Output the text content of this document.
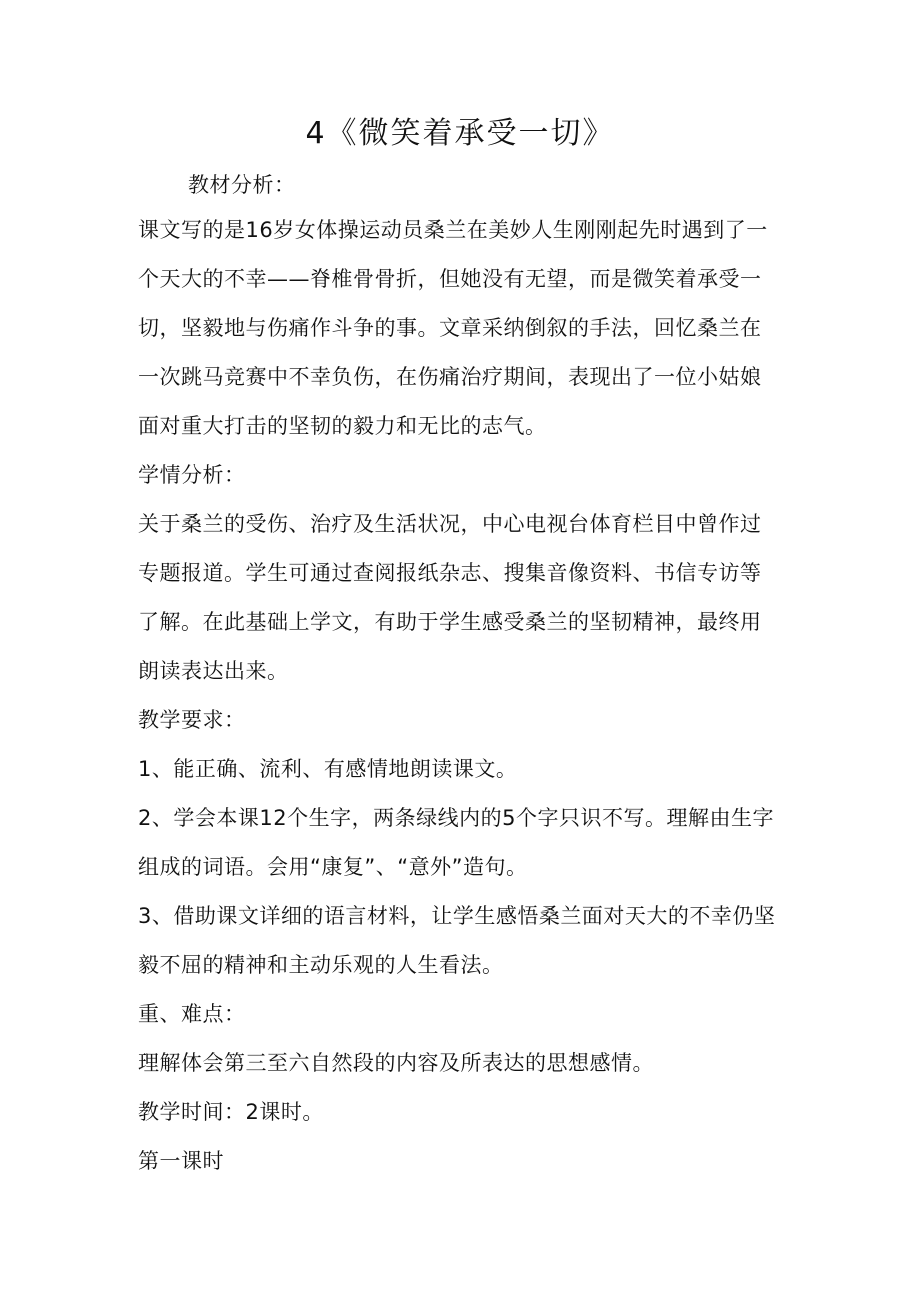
4《微笑着承受一切》
教材分析：
课文写的是16岁女体操运动员桑兰在美妙人生刚刚起先时遇到了一
个天大的不幸——脊椎骨骨折，但她没有无望，而是微笑着承受一
切，坚毅地与伤痛作斗争的事。文章采纳倒叙的手法，回忆桑兰在
一次跳马竞赛中不幸负伤，在伤痛治疗期间，表现出了一位小姑娘
面对重大打击的坚韧的毅力和无比的志气。
学情分析：
关于桑兰的受伤、治疗及生活状况，中心电视台体育栏目中曾作过
专题报道。学生可通过查阅报纸杂志、搜集音像资料、书信专访等
了解。在此基础上学文，有助于学生感受桑兰的坚韧精神，最终用
朗读表达出来。
教学要求：
1、能正确、流利、有感情地朗读课文。
2、学会本课12个生字，两条绿线内的5个字只识不写。理解由生字
组成的词语。会用“康复”、“意外”造句。
3、借助课文详细的语言材料，让学生感悟桑兰面对天大的不幸仍坚
毅不屈的精神和主动乐观的人生看法。
重、难点：
理解体会第三至六自然段的内容及所表达的思想感情。
教学时间：2课时。
第一课时
